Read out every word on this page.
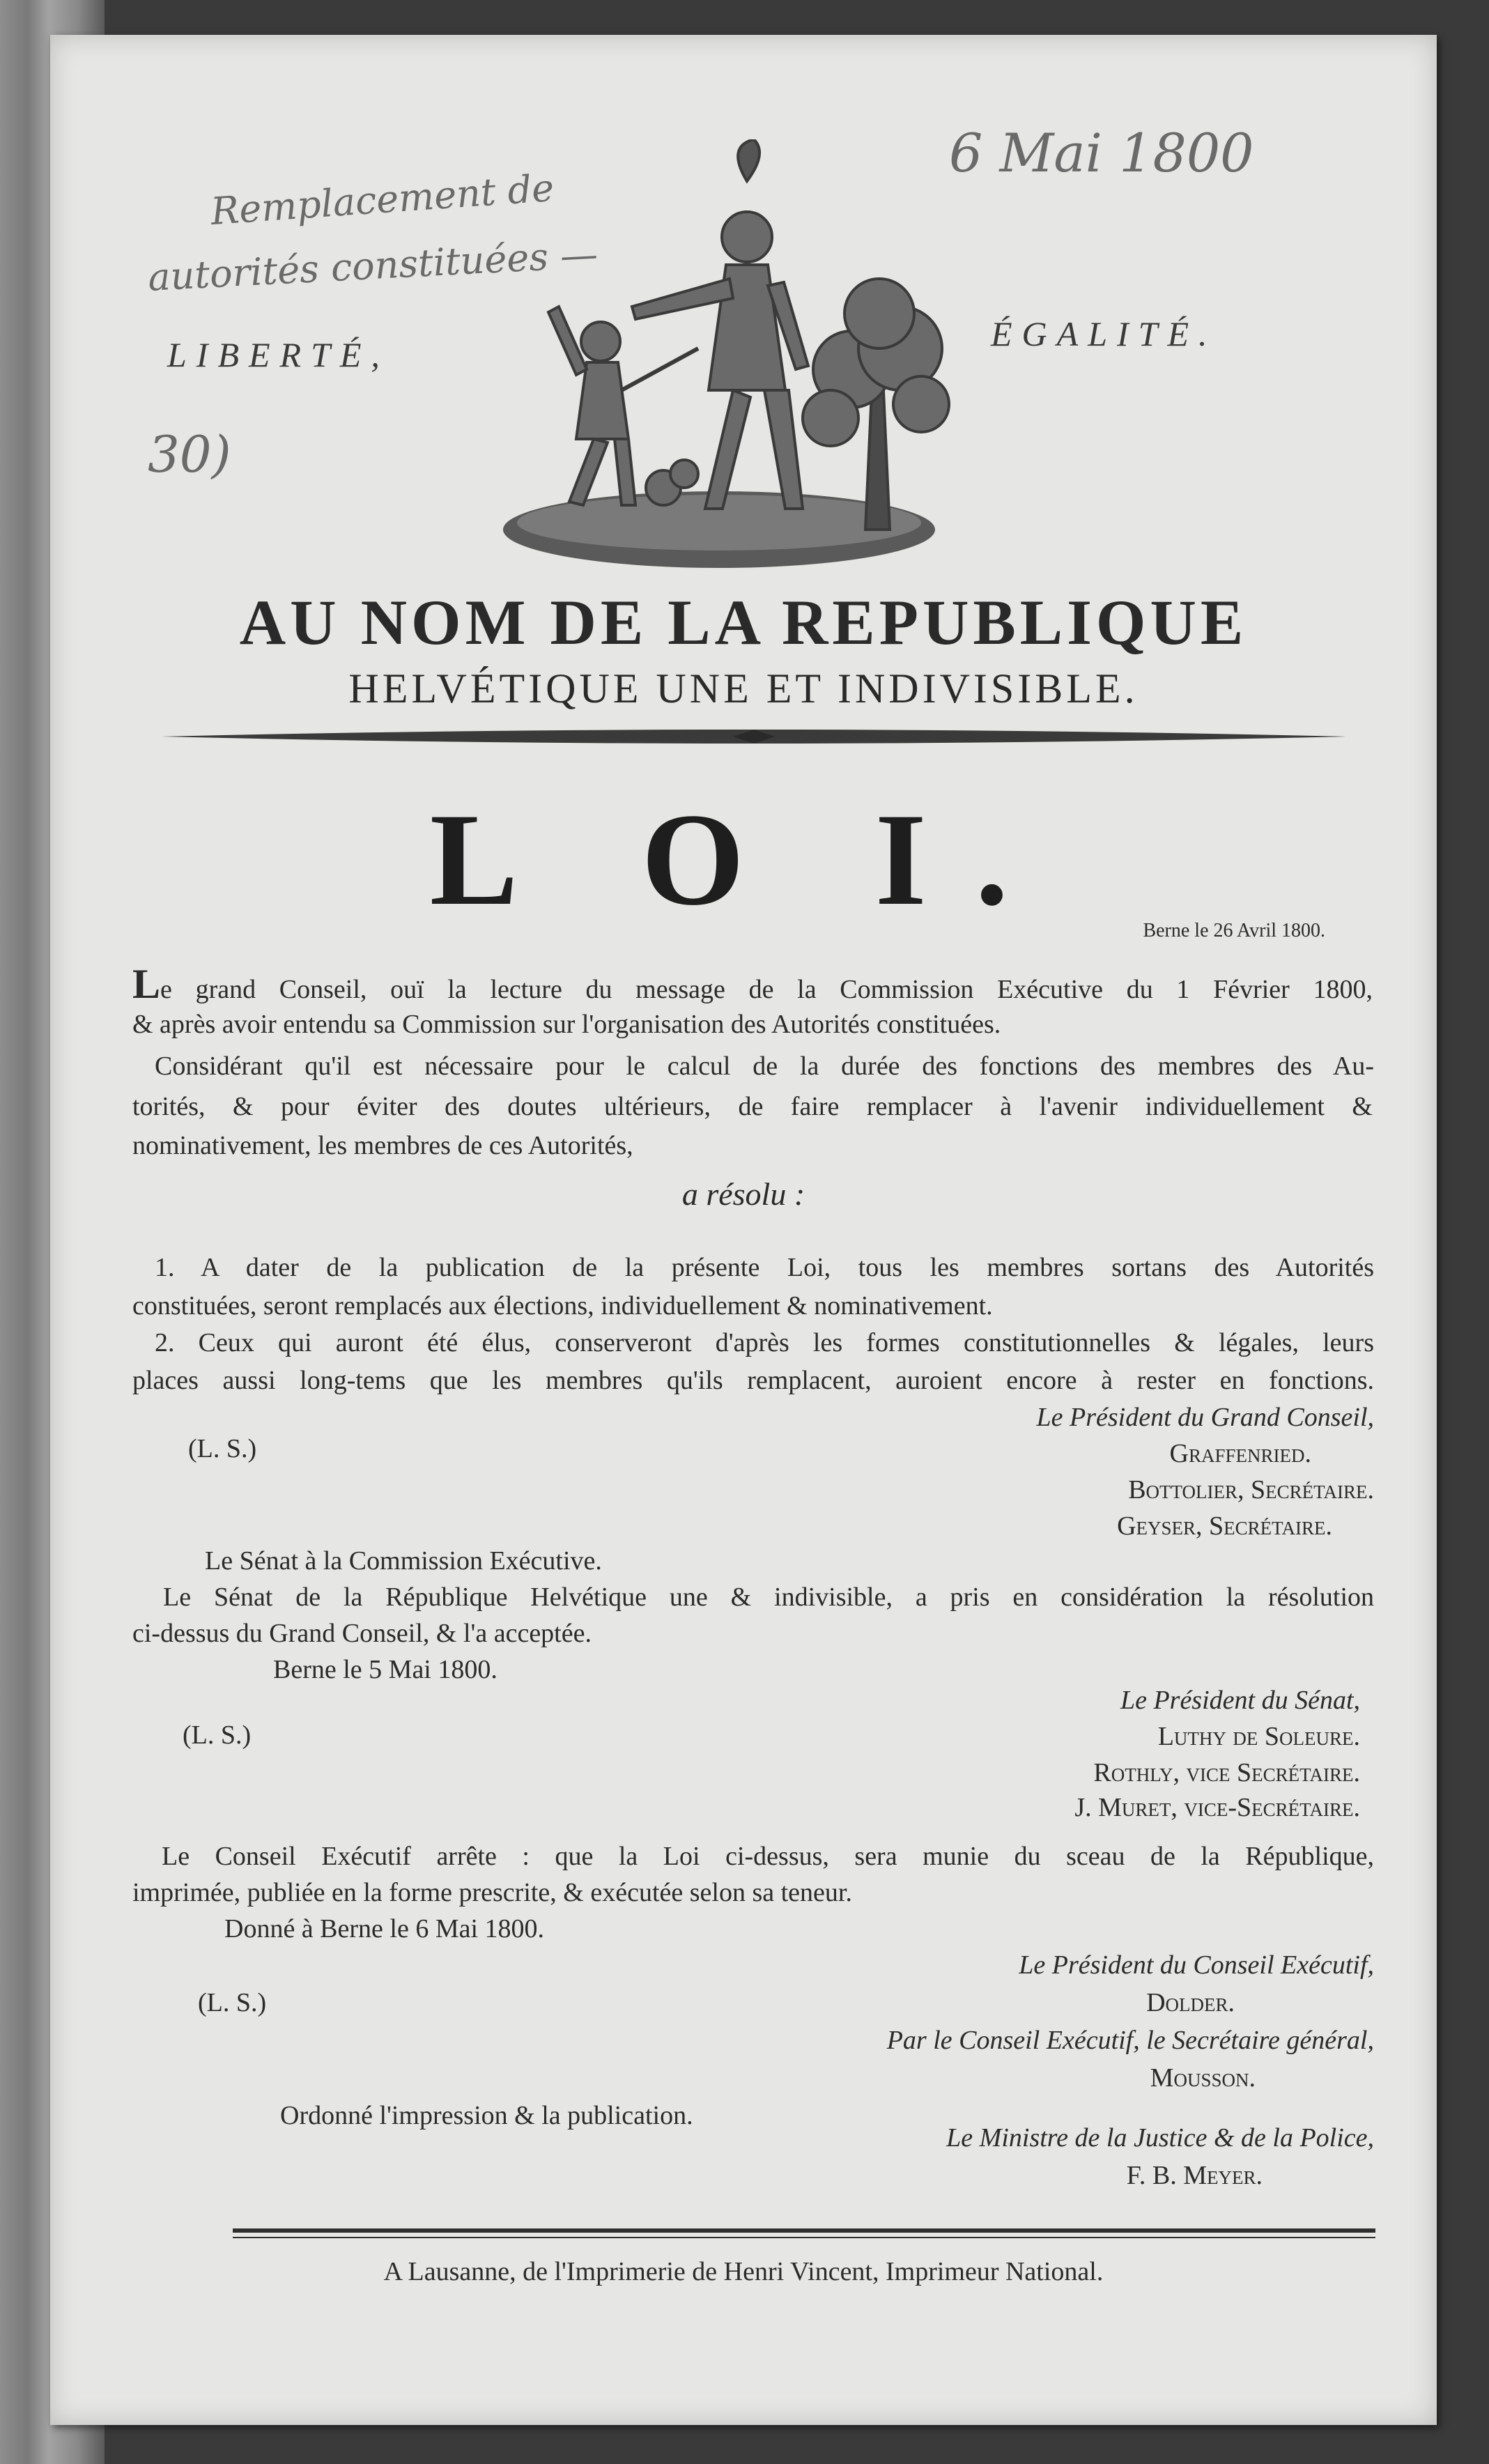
Remplacement de
autorités constituées —
30)
6 Mai 1800
LIBERTÉ,
ÉGALITÉ.
AU NOM DE LA REPUBLIQUE
HELVÉTIQUE UNE ET INDIVISIBLE.
L O I.	Berne le 26 Avril 1800.
Le grand Conseil, ouï la lecture du message de la Commission Exécutive du 1 Février 1800,
& après avoir entendu sa Commission sur l'organisation des Autorités constituées.
Considérant qu'il est nécessaire pour le calcul de la durée des fonctions des membres des Au-
torités, & pour éviter des doutes ultérieurs, de faire remplacer à l'avenir individuellement &
nominativement, les membres de ces Autorités,
a résolu :
1. A dater de la publication de la présente Loi, tous les membres sortans des Autorités
constituées, seront remplacés aux élections, individuellement & nominativement.
2. Ceux qui auront été élus, conserveront d'après les formes constitutionnelles & légales, leurs
places aussi long-tems que les membres qu'ils remplacent, auroient encore à rester en fonctions.
Le Président du Grand Conseil,
(L. S.)	Graffenried.
Bottolier, Secrétaire.
Geyser, Secrétaire.
Le Sénat à la Commission Exécutive.
Le Sénat de la République Helvétique une & indivisible, a pris en considération la résolution
ci-dessus du Grand Conseil, & l'a acceptée.
Berne le 5 Mai 1800.
Le Président du Sénat,
(L. S.)	Luthy de Soleure.
Rothly, vice Secrétaire.
J. Muret, vice-Secrétaire.
Le Conseil Exécutif arrête : que la Loi ci-dessus, sera munie du sceau de la République,
imprimée, publiée en la forme prescrite, & exécutée selon sa teneur.
Donné à Berne le 6 Mai 1800.
Le Président du Conseil Exécutif,
(L. S.)	Dolder.
Par le Conseil Exécutif, le Secrétaire général,
Mousson.
Ordonné l'impression & la publication.
Le Ministre de la Justice & de la Police,
F. B. Meyer.
A Lausanne, de l'Imprimerie de Henri Vincent, Imprimeur National.
